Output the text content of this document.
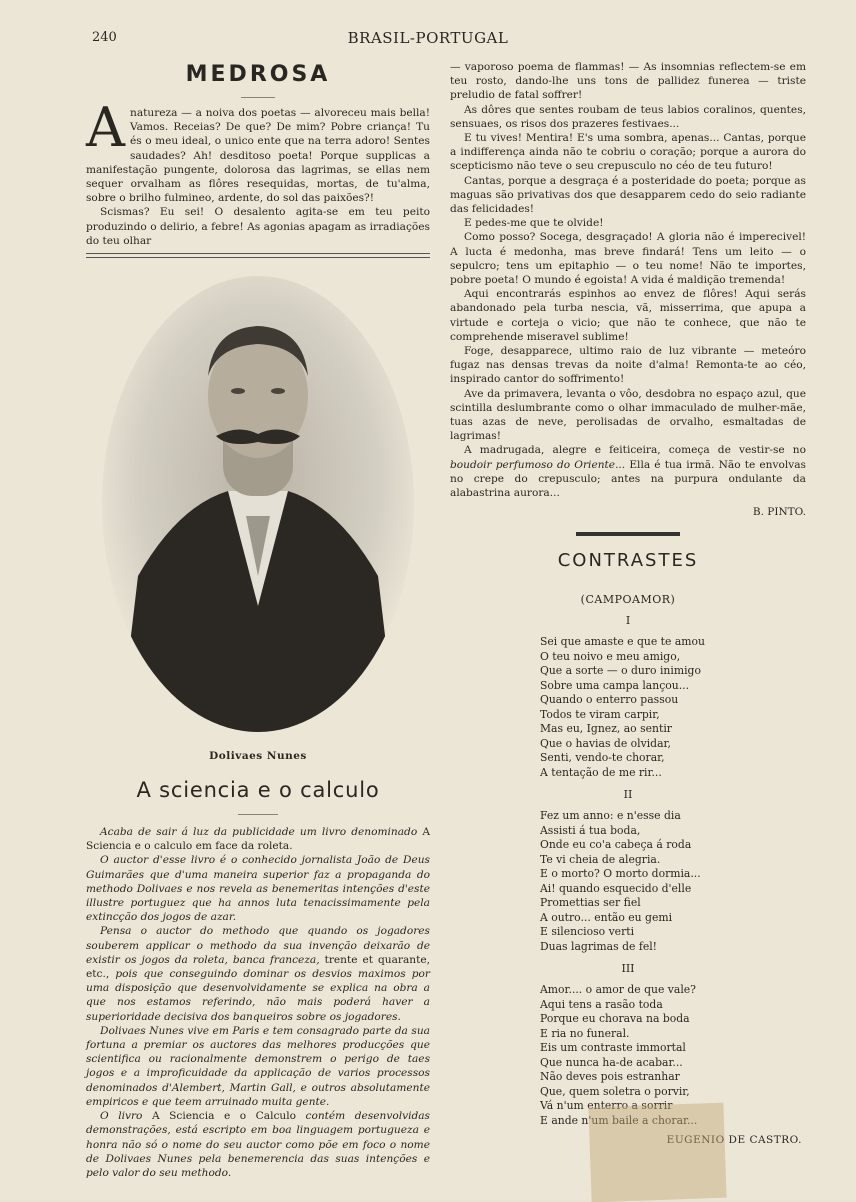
240	BRASIL-PORTUGAL
MEDROSA

Anatureza — a noiva dos poetas — alvoreceu mais bella! Vamos. Receias? De que? De mim? Pobre criança! Tu és o meu ideal, o unico ente que na terra adoro! Sentes saudades? Ah! desditoso poeta! Porque supplicas a manifestação pungente, dolorosa das lagrimas, se ellas nem sequer orvalham as flôres resequidas, mortas, de tu'alma, sobre o brilho fulmineo, ardente, do sol das paixões?!

Scismas? Eu sei! O desalento agita-se em teu peito produzindo o delirio, a febre! As agonias apagam as irradiações do teu olhar

Dolivaes Nunes
A sciencia e o calculo

Acaba de sair á luz da publicidade um livro denominado A Sciencia e o calculo em face da roleta.

O auctor d'esse livro é o conhecido jornalista João de Deus Guimarães que d'uma maneira superior faz a propaganda do methodo Dolivaes e nos revela as benemeritas intenções d'este illustre portuguez que ha annos luta tenacissimamente pela extincção dos jogos de azar.

Pensa o auctor do methodo que quando os jogadores souberem applicar o methodo da sua invenção deixarão de existir os jogos da roleta, banca franceza, trente et quarante, etc., pois que conseguindo dominar os desvios maximos por uma disposição que desenvolvidamente se explica na obra a que nos estamos referindo, não mais poderá haver a superioridade decisiva dos banqueiros sobre os jogadores.

Dolivaes Nunes vive em Paris e tem consagrado parte da sua fortuna a premiar os auctores das melhores producções que scientifica ou racionalmente demonstrem o perigo de taes jogos e a improficuidade da applicação de varios processos denominados d'Alembert, Martin Gall, e outros absolutamente empiricos e que teem arruinado muita gente.

O livro A Sciencia e o Calculo contém desenvolvidas demonstrações, está escripto em boa linguagem portugueza e honra não só o nome do seu auctor como põe em foco o nome de Dolivaes Nunes pela benemerencia das suas intenções e pelo valor do seu methodo.

— vaporoso poema de flammas! — As insomnias reflectem-se em teu rosto, dando-lhe uns tons de pallidez funerea — triste preludio de fatal soffrer!

As dôres que sentes roubam de teus labios coralinos, quentes, sensuaes, os risos dos prazeres festivaes...

E tu vives! Mentira! E's uma sombra, apenas... Cantas, porque a indifferença ainda não te cobriu o coração; porque a aurora do scepticismo não teve o seu crepusculo no céo de teu futuro!

Cantas, porque a desgraça é a posteridade do poeta; porque as maguas são privativas dos que desapparem cedo do seio radiante das felicidades!

E pedes-me que te olvide!

Como posso? Socega, desgraçado! A gloria não é imperecivel! A lucta é medonha, mas breve findará! Tens um leito — o sepulcro; tens um epitaphio — o teu nome! Não te importes, pobre poeta! O mundo é egoista! A vida é maldição tremenda!

Aqui encontrarás espinhos ao envez de flôres! Aqui serás abandonado pela turba nescia, vã, misserrima, que apupa a virtude e corteja o vicio; que não te conhece, que não te comprehende miseravel sublime!

Foge, desapparece, ultimo raio de luz vibrante — meteóro fugaz nas densas trevas da noite d'alma! Remonta-te ao céo, inspirado cantor do soffrimento!

Ave da primavera, levanta o vôo, desdobra no espaço azul, que scintilla deslumbrante como o olhar immaculado de mulher-mãe, tuas azas de neve, perolisadas de orvalho, esmaltadas de lagrimas!

A madrugada, alegre e feiticeira, começa de vestir-se no boudoir perfumoso do Oriente... Ella é tua irmã. Não te envolvas no crepe do crepusculo; antes na purpura ondulante da alabastrina aurora...

B. PINTO.
CONTRASTES
(CAMPOAMOR)
I
Sei que amaste e que te amou
O teu noivo e meu amigo,
Que a sorte — o duro inimigo
Sobre uma campa lançou...
Quando o enterro passou
Todos te viram carpir,
Mas eu, Ignez, ao sentir
Que o havias de olvidar,
Senti, vendo-te chorar,
A tentação de me rir...
II
Fez um anno: e n'esse dia
Assisti á tua boda,
Onde eu co'a cabeça á roda
Te vi cheia de alegria.
E o morto? O morto dormia...
Ai! quando esquecido d'elle
Promettias ser fiel
A outro... então eu gemi
E silencioso verti
Duas lagrimas de fel!
III
Amor.... o amor de que vale?
Aqui tens a rasão toda
Porque eu chorava na boda
E ria no funeral.
Eis um contraste immortal
Que nunca ha-de acabar...
Não deves pois estranhar
Que, quem soletra o porvir,
Vá n'um enterro a sorrir
E ande n'um baile a chorar...
EUGENIO DE CASTRO.
